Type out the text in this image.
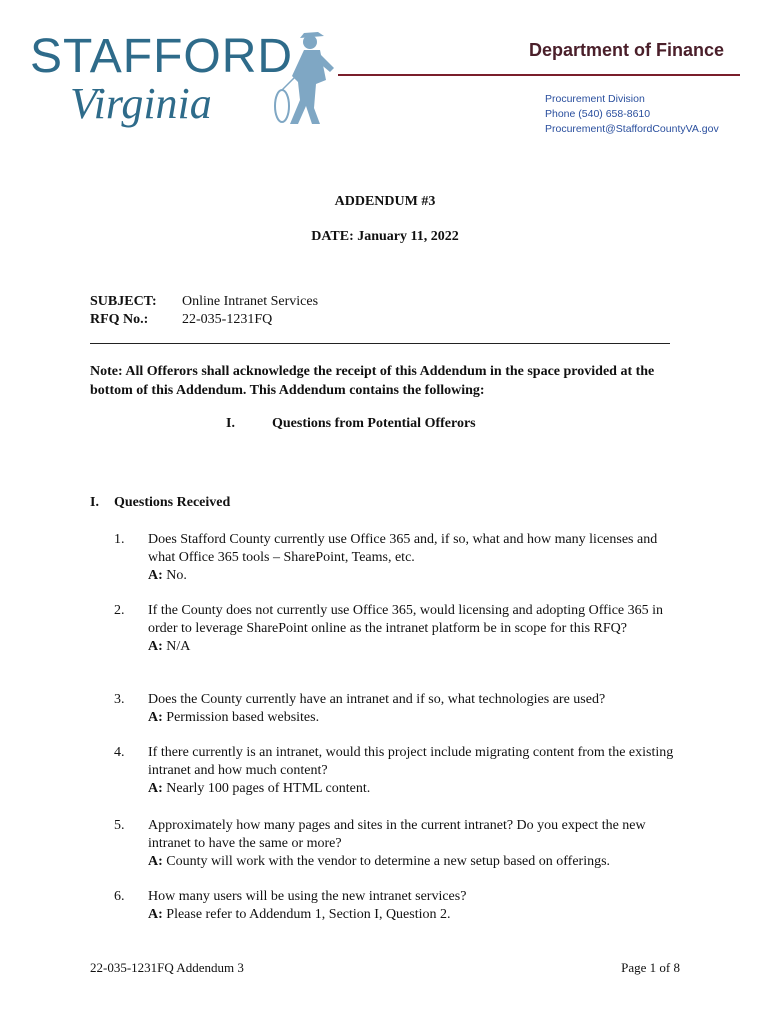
STAFFORD
Virginia
Department of Finance
Procurement Division
Phone (540) 658-8610
Procurement@StaffordCountyVA.gov
ADDENDUM #3
DATE: January 11, 2022
SUBJECT: Online Intranet Services
RFQ No.: 22-035-1231FQ
Note: All Offerors shall acknowledge the receipt of this Addendum in the space provided at the bottom of this Addendum. This Addendum contains the following:
I.	Questions from Potential Offerors
I. Questions Received
1.	Does Stafford County currently use Office 365 and, if so, what and how many licenses and what Office 365 tools – SharePoint, Teams, etc.
A: No.
2.	If the County does not currently use Office 365, would licensing and adopting Office 365 in order to leverage SharePoint online as the intranet platform be in scope for this RFQ?
A: N/A
3.	Does the County currently have an intranet and if so, what technologies are used?
A: Permission based websites.
4.	If there currently is an intranet, would this project include migrating content from the existing intranet and how much content?
A: Nearly 100 pages of HTML content.
5.	Approximately how many pages and sites in the current intranet? Do you expect the new intranet to have the same or more?
A: County will work with the vendor to determine a new setup based on offerings.
6.	How many users will be using the new intranet services?
A: Please refer to Addendum 1, Section I, Question 2.
22-035-1231FQ Addendum 3	Page 1 of 8
